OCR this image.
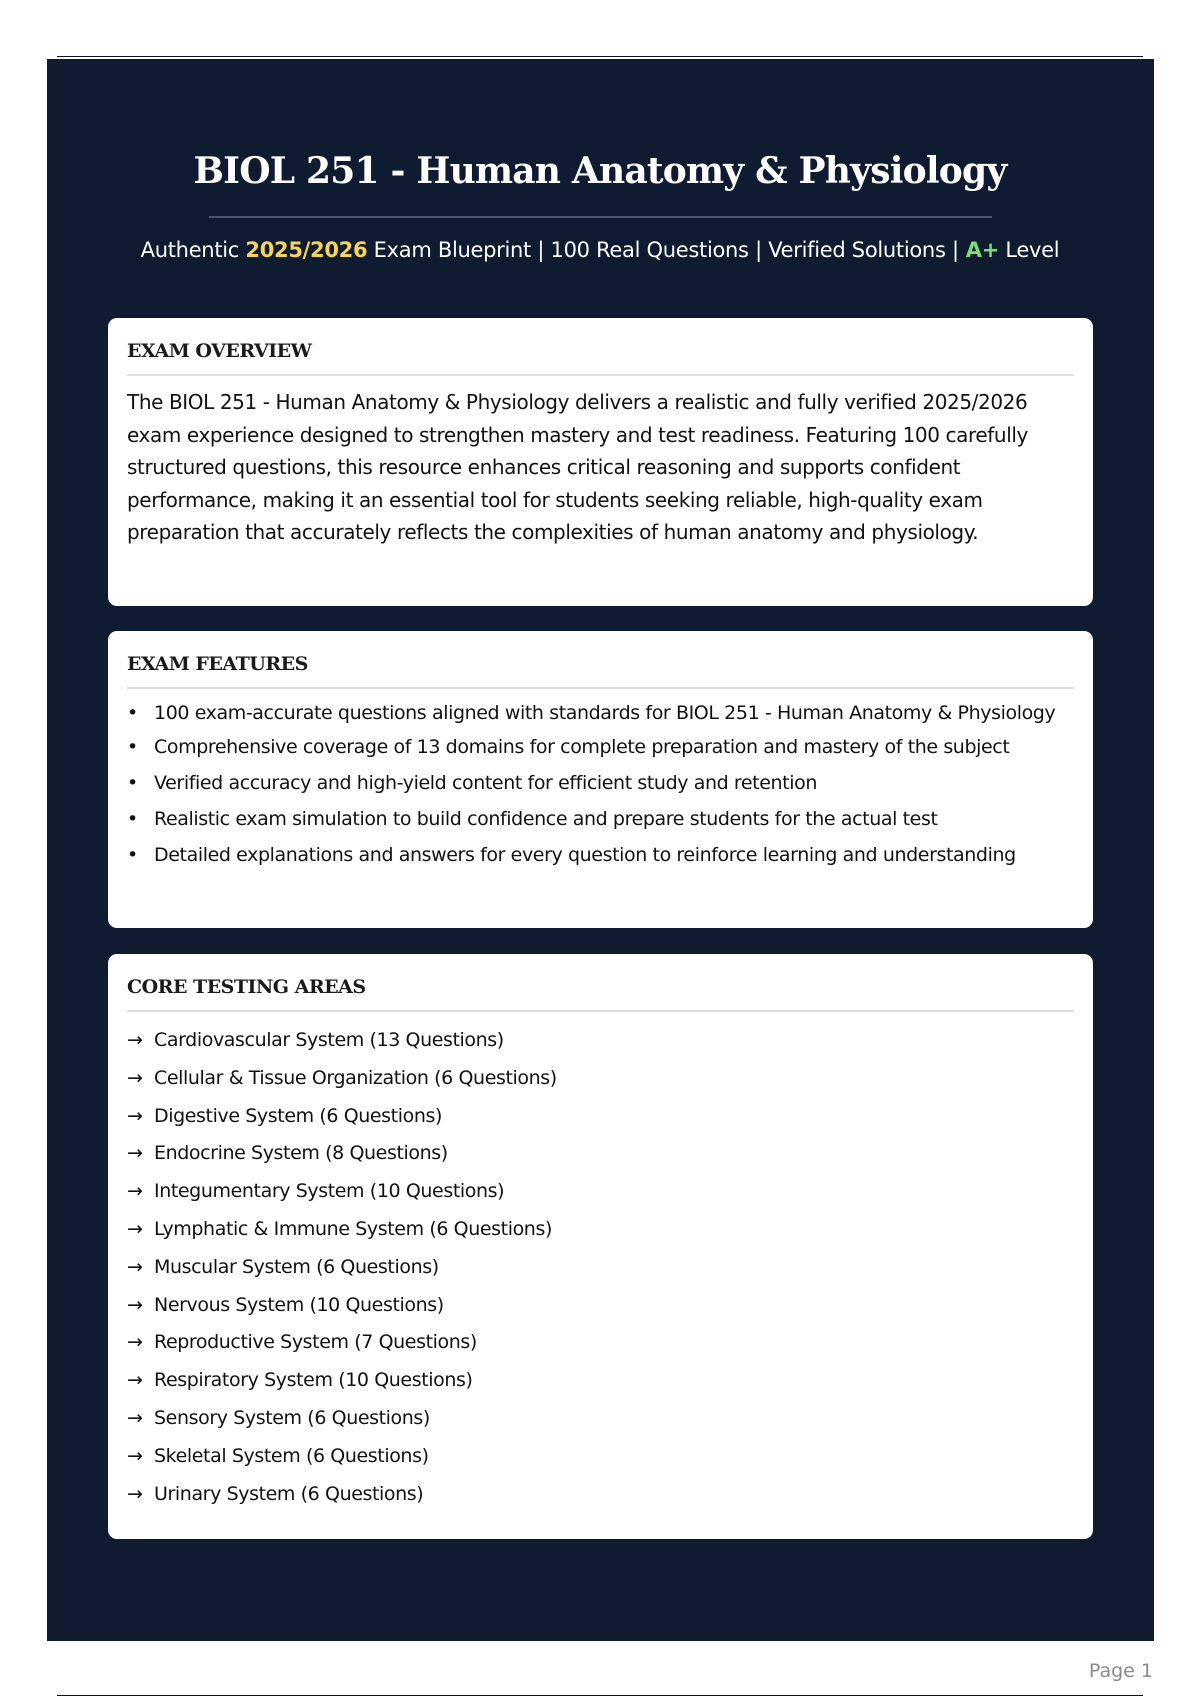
BIOL 251 - Human Anatomy & Physiology
Authentic 2025/2026 Exam Blueprint | 100 Real Questions | Verified Solutions | A+ Level
EXAM OVERVIEW

The BIOL 251 - Human Anatomy & Physiology delivers a realistic and fully verified 2025/2026 exam experience designed to strengthen mastery and test readiness. Featuring 100 carefully structured questions, this resource enhances critical reasoning and supports confident performance, making it an essential tool for students seeking reliable, high-quality exam preparation that accurately reflects the complexities of human anatomy and physiology.

EXAM FEATURES
• 100 exam-accurate questions aligned with standards for BIOL 251 - Human Anatomy & Physiology
• Comprehensive coverage of 13 domains for complete preparation and mastery of the subject
• Verified accuracy and high-yield content for efficient study and retention
• Realistic exam simulation to build confidence and prepare students for the actual test
• Detailed explanations and answers for every question to reinforce learning and understanding
CORE TESTING AREAS
→ Cardiovascular System (13 Questions)
→ Cellular & Tissue Organization (6 Questions)
→ Digestive System (6 Questions)
→ Endocrine System (8 Questions)
→ Integumentary System (10 Questions)
→ Lymphatic & Immune System (6 Questions)
→ Muscular System (6 Questions)
→ Nervous System (10 Questions)
→ Reproductive System (7 Questions)
→ Respiratory System (10 Questions)
→ Sensory System (6 Questions)
→ Skeletal System (6 Questions)
→ Urinary System (6 Questions)
Page 1
